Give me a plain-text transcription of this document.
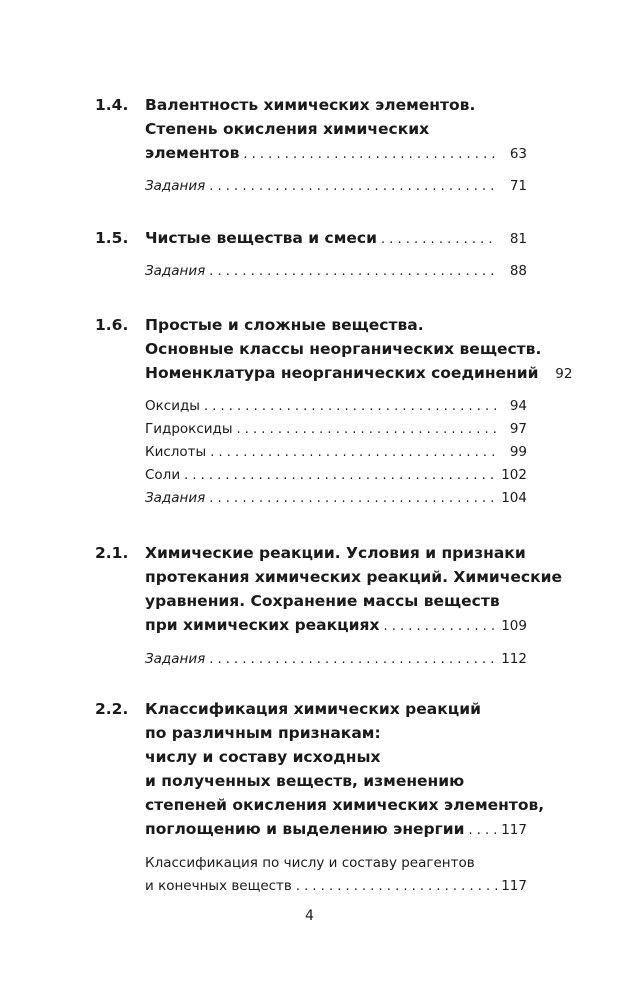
1.4. Валентность химических элементов.
Степень окисления химических
элементов . . .	63
Задания . . .	71
1.5. Чистые вещества и смеси . . .	81
Задания . . .	88
1.6. Простые и сложные вещества.
Основные классы неорганических веществ.
Номенклатура неорганических соединений	92
Оксиды . . .	94
Гидроксиды . . .	97
Кислоты . . .	99
Соли . . .	102
Задания . . .	104
2.1. Химические реакции. Условия и признаки
протекания химических реакций. Химические
уравнения. Сохранение массы веществ
при химических реакциях . . .	109
Задания . . .	112
2.2. Классификация химических реакций
по различным признакам:
числу и составу исходных
и полученных веществ, изменению
степеней окисления химических элементов,
поглощению и выделению энергии . . .	117
Классификация по числу и составу реагентов
и конечных веществ . . .	117
4
